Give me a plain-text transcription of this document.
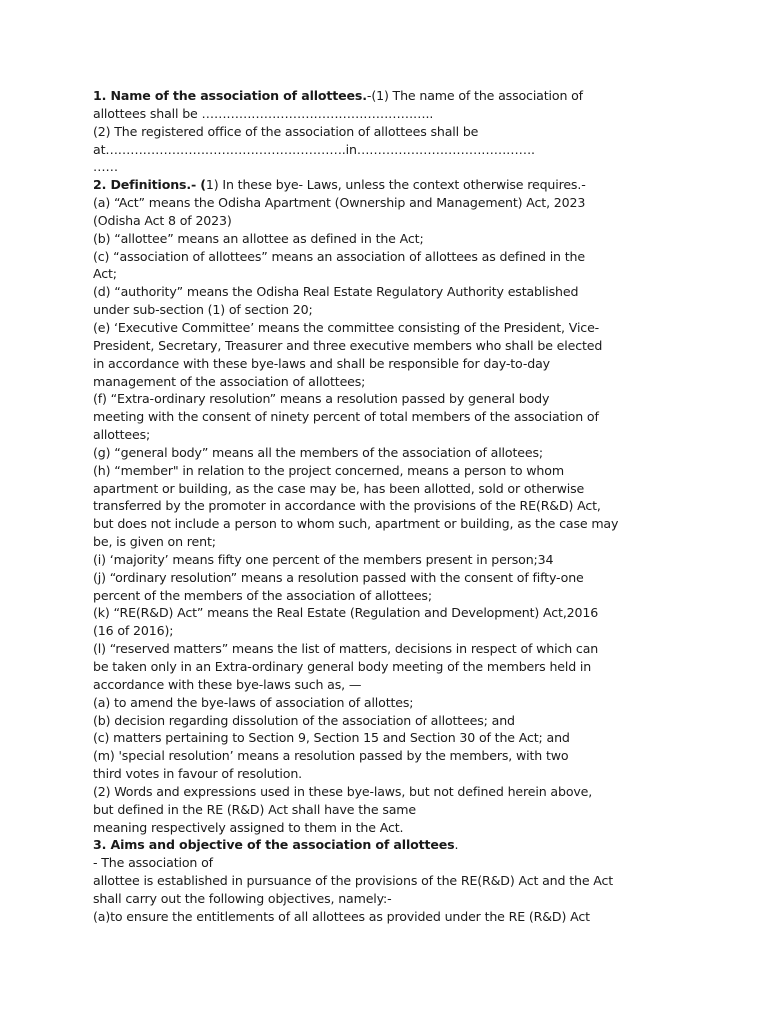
1. Name of the association of allottees.-(1) The name of the association of
allottees shall be ………………………………………………..
(2) The registered office of the association of allottees shall be
at………………………………………………….in…………………………………….
……
2. Definitions.- (1) In these bye- Laws, unless the context otherwise requires.-
(a) “Act” means the Odisha Apartment (Ownership and Management) Act, 2023
(Odisha Act 8 of 2023)
(b) “allottee” means an allottee as defined in the Act;
(c) “association of allottees” means an association of allottees as defined in the
Act;
(d) “authority” means the Odisha Real Estate Regulatory Authority established
under sub-section (1) of section 20;
(e) ‘Executive Committee’ means the committee consisting of the President, Vice-
President, Secretary, Treasurer and three executive members who shall be elected
in accordance with these bye-laws and shall be responsible for day-to-day
management of the association of allottees;
(f) “Extra-ordinary resolution” means a resolution passed by general body
meeting with the consent of ninety percent of total members of the association of
allottees;
(g) “general body” means all the members of the association of allotees;
(h) “member" in relation to the project concerned, means a person to whom
apartment or building, as the case may be, has been allotted, sold or otherwise
transferred by the promoter in accordance with the provisions of the RE(R&D) Act,
but does not include a person to whom such, apartment or building, as the case may
be, is given on rent;
(i) ‘majority’ means fifty one percent of the members present in person;34
(j) “ordinary resolution” means a resolution passed with the consent of fifty-one
percent of the members of the association of allottees;
(k) “RE(R&D) Act” means the Real Estate (Regulation and Development) Act,2016
(16 of 2016);
(l) “reserved matters” means the list of matters, decisions in respect of which can
be taken only in an Extra-ordinary general body meeting of the members held in
accordance with these bye-laws such as, —
(a) to amend the bye-laws of association of allottes;
(b) decision regarding dissolution of the association of allottees; and
(c) matters pertaining to Section 9, Section 15 and Section 30 of the Act; and
(m) 'special resolution’ means a resolution passed by the members, with two
third votes in favour of resolution.
(2) Words and expressions used in these bye-laws, but not defined herein above,
but defined in the RE (R&D) Act shall have the same
meaning respectively assigned to them in the Act.
3. Aims and objective of the association of allottees.
- The association of
allottee is established in pursuance of the provisions of the RE(R&D) Act and the Act
shall carry out the following objectives, namely:-
(a)to ensure the entitlements of all allottees as provided under the RE (R&D) Act
